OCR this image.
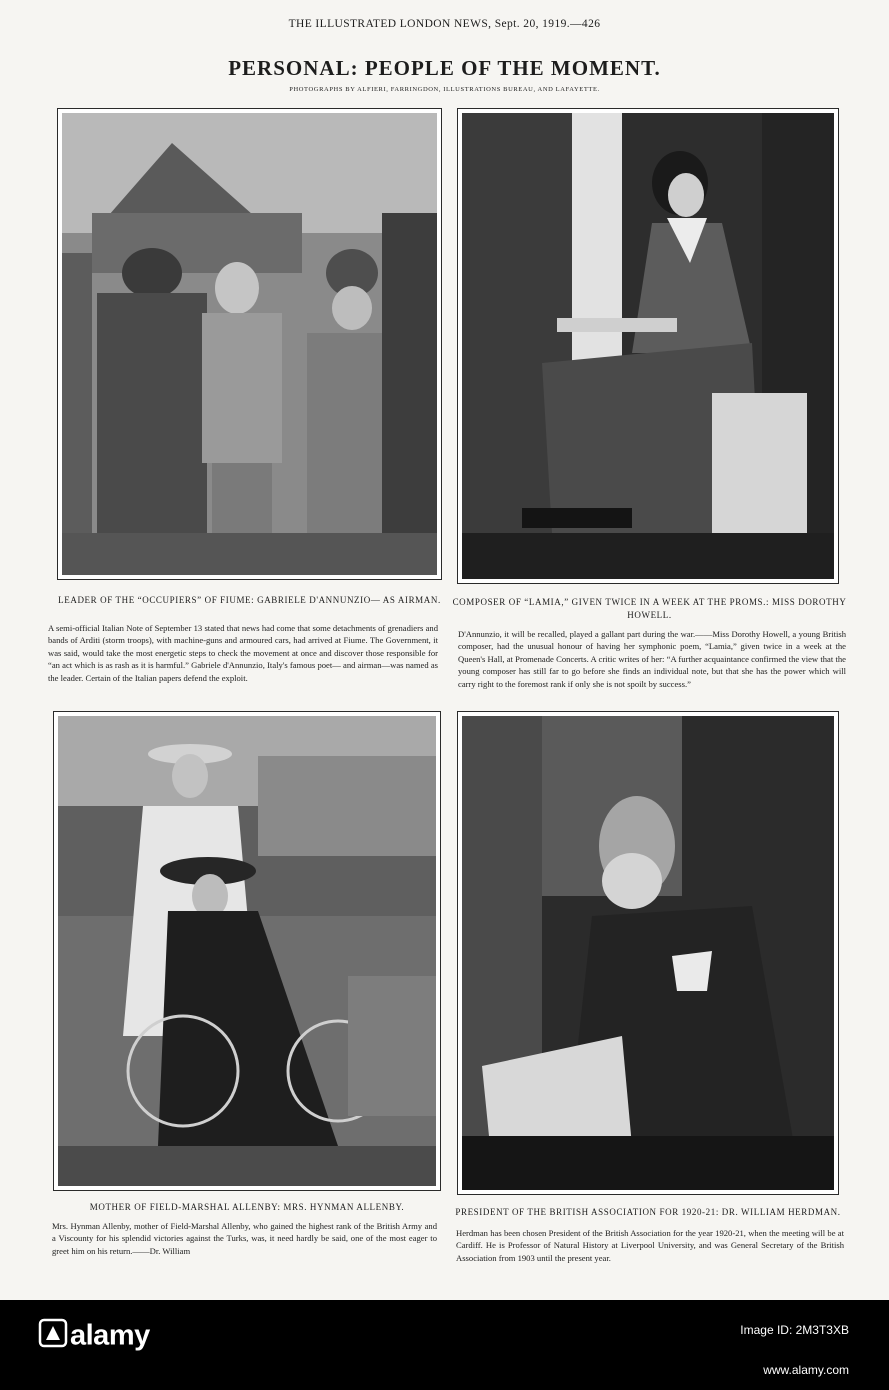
THE ILLUSTRATED LONDON NEWS, Sept. 20, 1919.—426
PERSONAL: PEOPLE OF THE MOMENT.
PHOTOGRAPHS BY ALFIERI, FARRINGDON, ILLUSTRATIONS BUREAU, AND LAFAYETTE.
LEADER OF THE “OCCUPIERS” OF FIUME: GABRIELE D'ANNUNZIO— AS AIRMAN.
A semi-official Italian Note of September 13 stated that news had come that some detachments of grenadiers and bands of Arditi (storm troops), with machine-guns and armoured cars, had arrived at Fiume. The Government, it was said, would take the most energetic steps to check the movement at once and discover those responsible for “an act which is as rash as it is harmful.” Gabriele d'Annunzio, Italy's famous poet— and airman—was named as the leader. Certain of the Italian papers defend the exploit.
COMPOSER OF “LAMIA,” GIVEN TWICE IN A WEEK AT THE PROMS.: MISS DOROTHY HOWELL.
D'Annunzio, it will be recalled, played a gallant part during the war.——Miss Dorothy Howell, a young British composer, had the unusual honour of having her symphonic poem, “Lamia,” given twice in a week at the Queen's Hall, at Promenade Concerts. A critic writes of her: “A further acquaintance confirmed the view that the young composer has still far to go before she finds an individual note, but that she has the power which will carry right to the foremost rank if only she is not spoilt by success.”
MOTHER OF FIELD-MARSHAL ALLENBY: MRS. HYNMAN ALLENBY.
Mrs. Hynman Allenby, mother of Field-Marshal Allenby, who gained the highest rank of the British Army and a Viscounty for his splendid victories against the Turks, was, it need hardly be said, one of the most eager to greet him on his return.——Dr. William
PRESIDENT OF THE BRITISH ASSOCIATION FOR 1920-21: DR. WILLIAM HERDMAN.
Herdman has been chosen President of the British Association for the year 1920-21, when the meeting will be at Cardiff. He is Professor of Natural History at Liverpool University, and was General Secretary of the British Association from 1903 until the present year.
alamy	Image ID: 2M3T3XB
www.alamy.com
